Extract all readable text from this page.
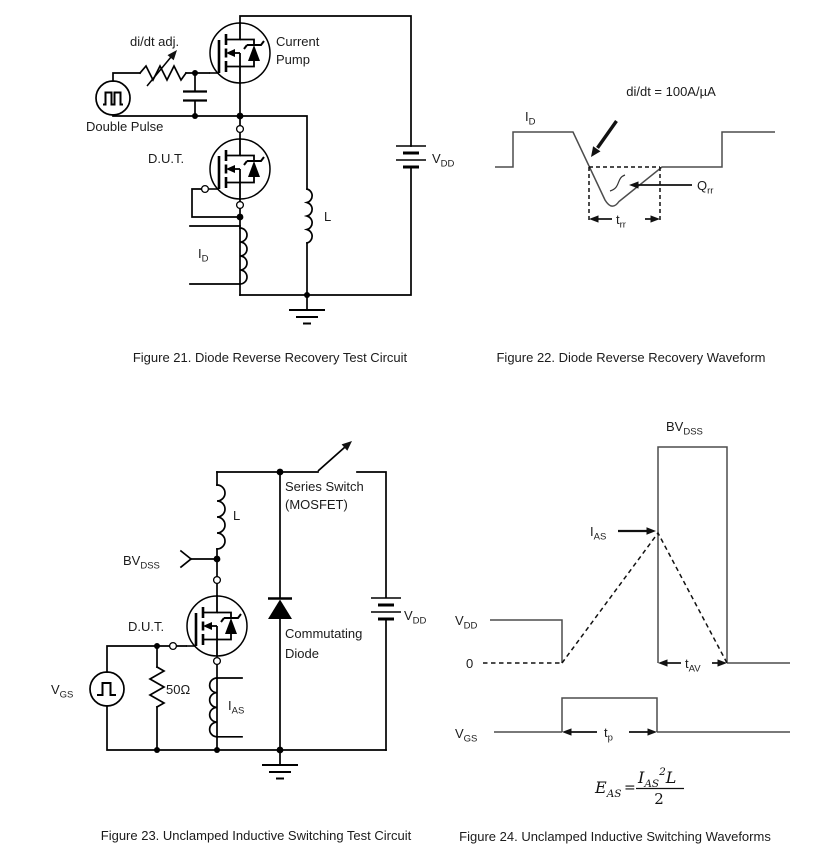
di/dt adj.	Current
Pump
Double Pulse
D.U.T.
$I_D$
L
$V_{DD}$
Figure 21. Diode Reverse Recovery Test Circuit
$t_{rr}$
$Q_{rr}$
di/dt = 100A/µA
$I_D$
Figure 22. Diode Reverse Recovery Waveform
L
Series Switch
(MOSFET)
$BV_{DSS}$
D.U.T.
$V_{GS}$	50Ω
$I_{AS}$
Commutating
Diode
$V_{DD}$
Figure 23. Unclamped Inductive Switching Test Circuit
$t_{AV}$
$I_{AS}$
$BV_{DSS}$
$V_{DD}$
0
$t_p$
$V_{GS}$
$E_{AS}$ =
$I_{AS}^2L$
2
Figure 24. Unclamped Inductive Switching Waveforms
